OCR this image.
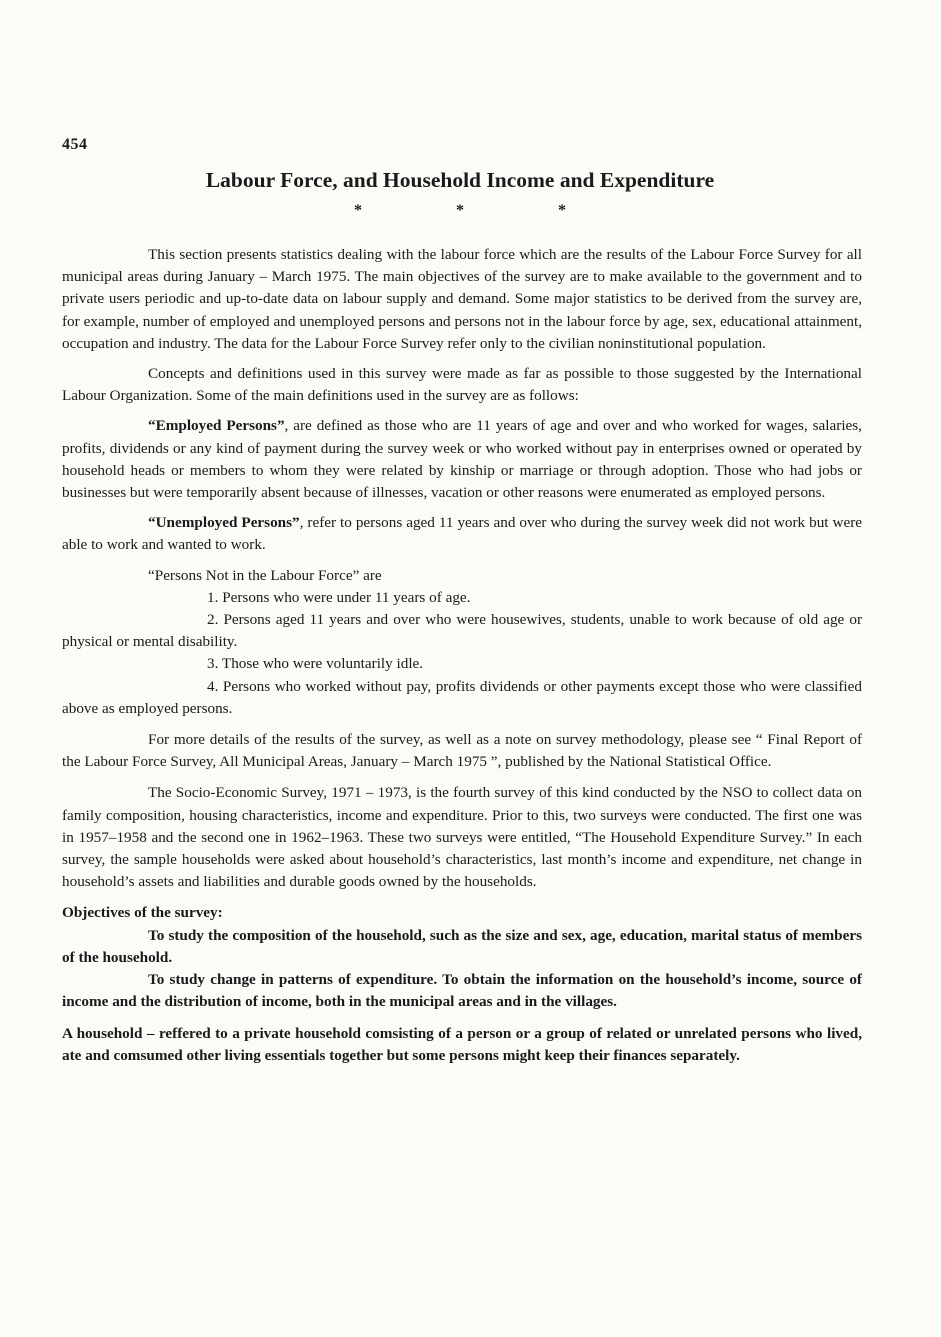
454
Labour Force, and Household Income and Expenditure
* * *

This section presents statistics dealing with the labour force which are the results of the Labour Force Survey for all municipal areas during January – March 1975. The main objectives of the survey are to make available to the government and to private users periodic and up-to-date data on labour supply and demand. Some major statistics to be derived from the survey are, for example, number of employed and unemployed persons and persons not in the labour force by age, sex, educational attainment, occupation and industry. The data for the Labour Force Survey refer only to the civilian noninstitutional population.

Concepts and definitions used in this survey were made as far as possible to those suggested by the International Labour Organization. Some of the main definitions used in the survey are as follows:

“Employed Persons”, are defined as those who are 11 years of age and over and who worked for wages, salaries, profits, dividends or any kind of payment during the survey week or who worked without pay in enterprises owned or operated by household heads or members to whom they were related by kinship or marriage or through adoption. Those who had jobs or businesses but were temporarily absent because of illnesses, vacation or other reasons were enumerated as employed persons.

“Unemployed Persons”, refer to persons aged 11 years and over who during the survey week did not work but were able to work and wanted to work.

“Persons Not in the Labour Force” are

1. Persons who were under 11 years of age.

2. Persons aged 11 years and over who were housewives, students, unable to work because of old age or physical or mental disability.

3. Those who were voluntarily idle.

4. Persons who worked without pay, profits dividends or other payments except those who were classified above as employed persons.

For more details of the results of the survey, as well as a note on survey methodology, please see “ Final Report of the Labour Force Survey, All Municipal Areas, January – March 1975 ”, published by the National Statistical Office.

The Socio-Economic Survey, 1971 – 1973, is the fourth survey of this kind conducted by the NSO to collect data on family composition, housing characteristics, income and expenditure. Prior to this, two surveys were conducted. The first one was in 1957–1958 and the second one in 1962–1963. These two surveys were entitled, “The Household Expenditure Survey.” In each survey, the sample households were asked about household’s characteristics, last month’s income and expenditure, net change in household’s assets and liabilities and durable goods owned by the households.

Objectives of the survey:

To study the composition of the household, such as the size and sex, age, education, marital status of members of the household.

To study change in patterns of expenditure. To obtain the information on the household’s income, source of income and the distribution of income, both in the municipal areas and in the villages.

A household – reffered to a private household comsisting of a person or a group of related or unrelated persons who lived, ate and comsumed other living essentials together but some persons might keep their finances separately.
